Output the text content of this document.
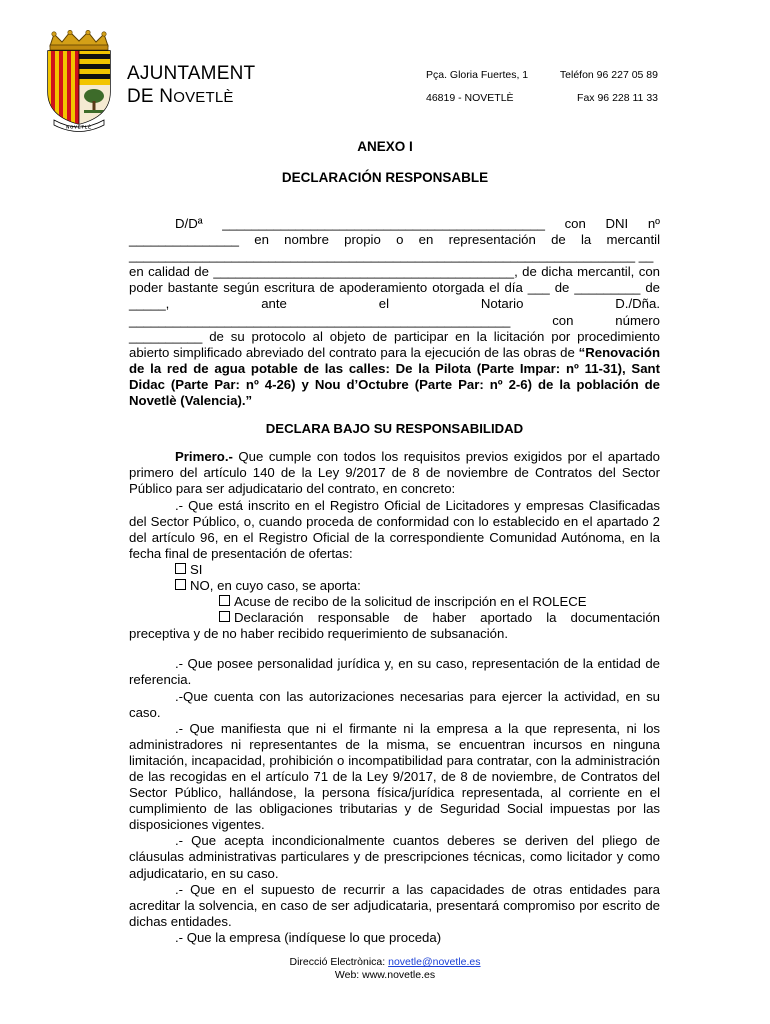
NOVETLÈ
AJUNTAMENT
DE NOVETLÈ
Pça. Gloria Fuertes, 1
46819 - NOVETLÈ
Teléfon 96 227 05 89
Fax 96 228 11 33
ANEXO I
DECLARACIÓN RESPONSABLE

D/Dª ____________________________________________ con DNI nº _______________ en nombre propio o en representación de la mercantil _____________________________________________________________________ __

en calidad de _________________________________________, de dicha mercantil, con poder bastante según escritura de apoderamiento otorgada el día ___ de _________ de _____, ante el Notario D./Dña. ____________________________________________________ con número __________ de su protocolo al objeto de participar en la licitación por procedimiento abierto simplificado abreviado del contrato para la ejecución de las obras de “Renovación de la red de agua potable de las calles: De la Pilota (Parte Impar: nº 11-31), Sant Didac (Parte Par: nº 4-26) y Nou d’Octubre (Parte Par: nº 2-6) de la población de Novetlè (Valencia).”

DECLARA BAJO SU RESPONSABILIDAD

Primero.- Que cumple con todos los requisitos previos exigidos por el apartado primero del artículo 140 de la Ley 9/2017 de 8 de noviembre de Contratos del Sector Público para ser adjudicatario del contrato, en concreto:

.- Que está inscrito en el Registro Oficial de Licitadores y empresas Clasificadas del Sector Público, o, cuando proceda de conformidad con lo establecido en el apartado 2 del artículo 96, en el Registro Oficial de la correspondiente Comunidad Autónoma, en la fecha final de presentación de ofertas:

SI

NO, en cuyo caso, se aporta:

Acuse de recibo de la solicitud de inscripción en el ROLECE

Declaración responsable de haber aportado la documentación preceptiva y de no haber recibido requerimiento de subsanación.

.- Que posee personalidad jurídica y, en su caso, representación de la entidad de referencia.

.-Que cuenta con las autorizaciones necesarias para ejercer la actividad, en su caso.

.- Que manifiesta que ni el firmante ni la empresa a la que representa, ni los administradores ni representantes de la misma, se encuentran incursos en ninguna limitación, incapacidad, prohibición o incompatibilidad para contratar, con la administración de las recogidas en el artículo 71 de la Ley 9/2017, de 8 de noviembre, de Contratos del Sector Público, hallándose, la persona física/jurídica representada, al corriente en el cumplimiento de las obligaciones tributarias y de Seguridad Social impuestas por las disposiciones vigentes.

.- Que acepta incondicionalmente cuantos deberes se deriven del pliego de cláusulas administrativas particulares y de prescripciones técnicas, como licitador y como adjudicatario, en su caso.

.- Que en el supuesto de recurrir a las capacidades de otras entidades para acreditar la solvencia, en caso de ser adjudicataria, presentará compromiso por escrito de dichas entidades.

.- Que la empresa (indíquese lo que proceda)

Direcció Electrònica: novetle@novetle.es
Web: www.novetle.es
